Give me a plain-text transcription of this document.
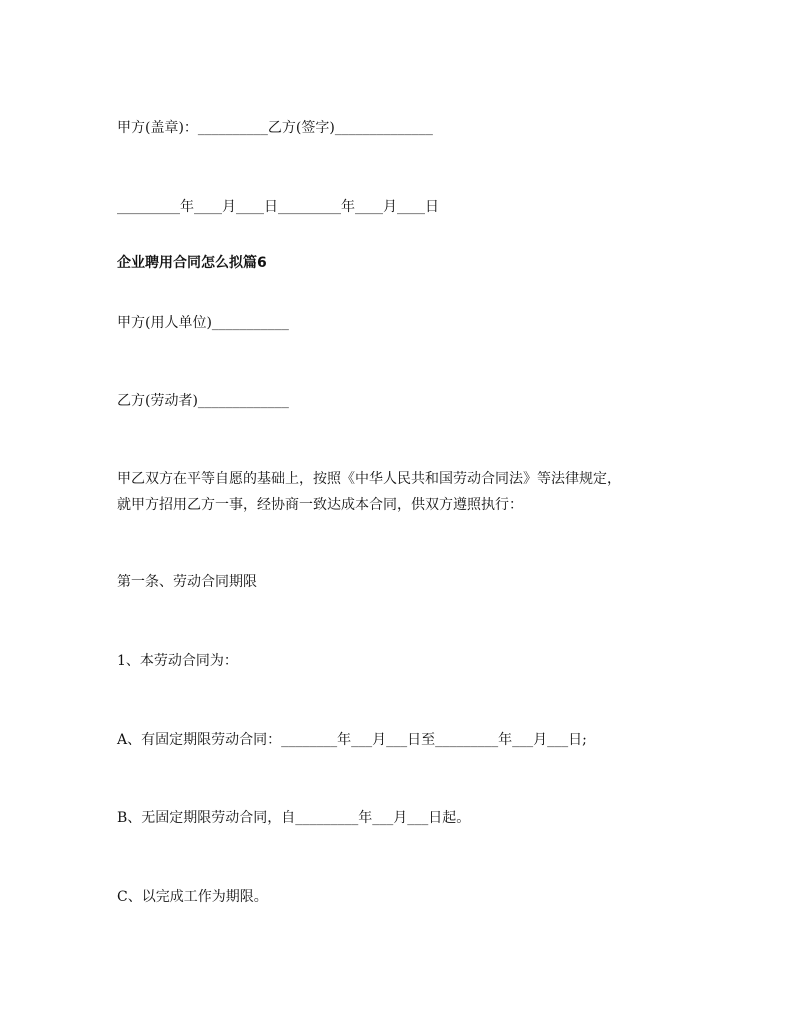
甲方(盖章)：__________乙方(签字)______________

_________年____月____日_________年____月____日

企业聘用合同怎么拟篇6

甲方(用人单位)___________

乙方(劳动者)_____________

甲乙双方在平等自愿的基础上，按照《中华人民共和国劳动合同法》等法律规定，

就甲方招用乙方一事，经协商一致达成本合同，供双方遵照执行：

第一条、劳动合同期限

1、本劳动合同为：

A、有固定期限劳动合同：________年___月___日至_________年___月___日;

B、无固定期限劳动合同，自_________年___月___日起。

C、以完成工作为期限。
